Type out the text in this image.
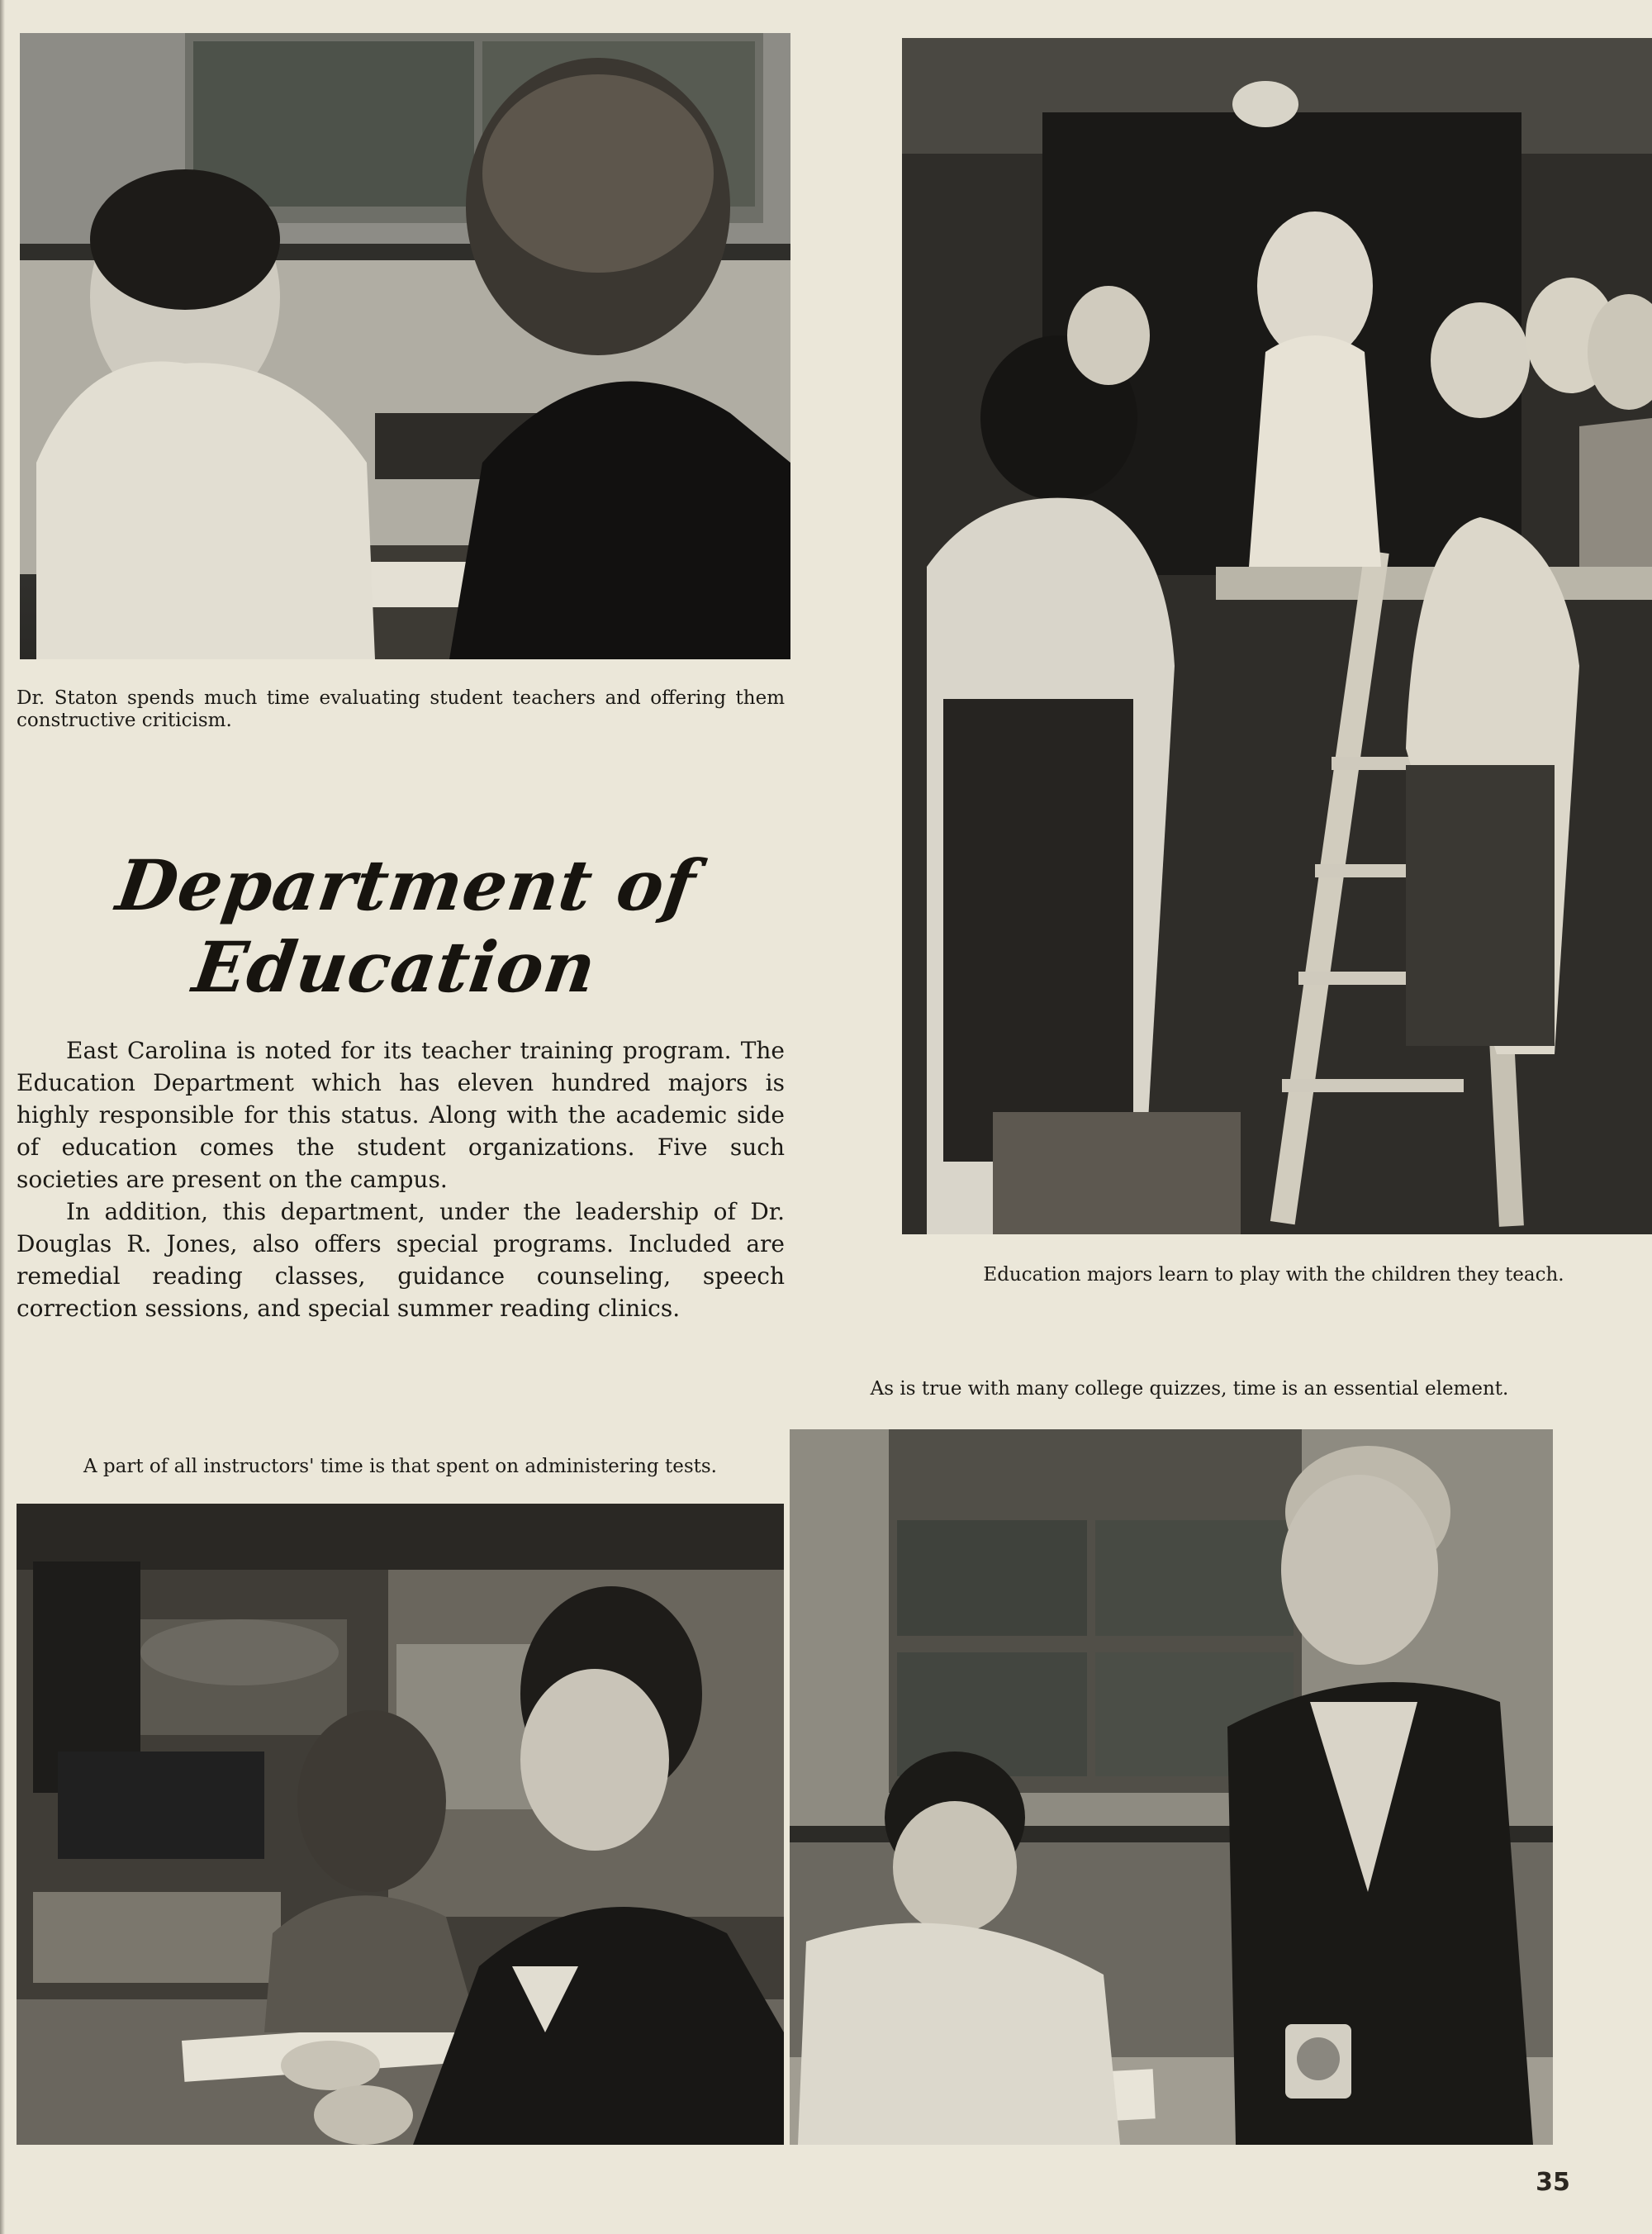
Dr. Staton spends much time evaluating student teachers and offering them constructive criticism.

Department of Education

East Carolina is noted for its teacher training program. The Education Department which has eleven hundred majors is highly responsible for this status. Along with the academic side of education comes the student organizations. Five such societies are present on the campus.

In addition, this department, under the leadership of Dr. Douglas R. Jones, also offers special programs. Included are remedial reading classes, guidance counseling, speech correction sessions, and special summer reading clinics.

Education majors learn to play with the children they teach.

As is true with many college quizzes, time is an essential element.

A part of all instructors' time is that spent on administering tests.

35
